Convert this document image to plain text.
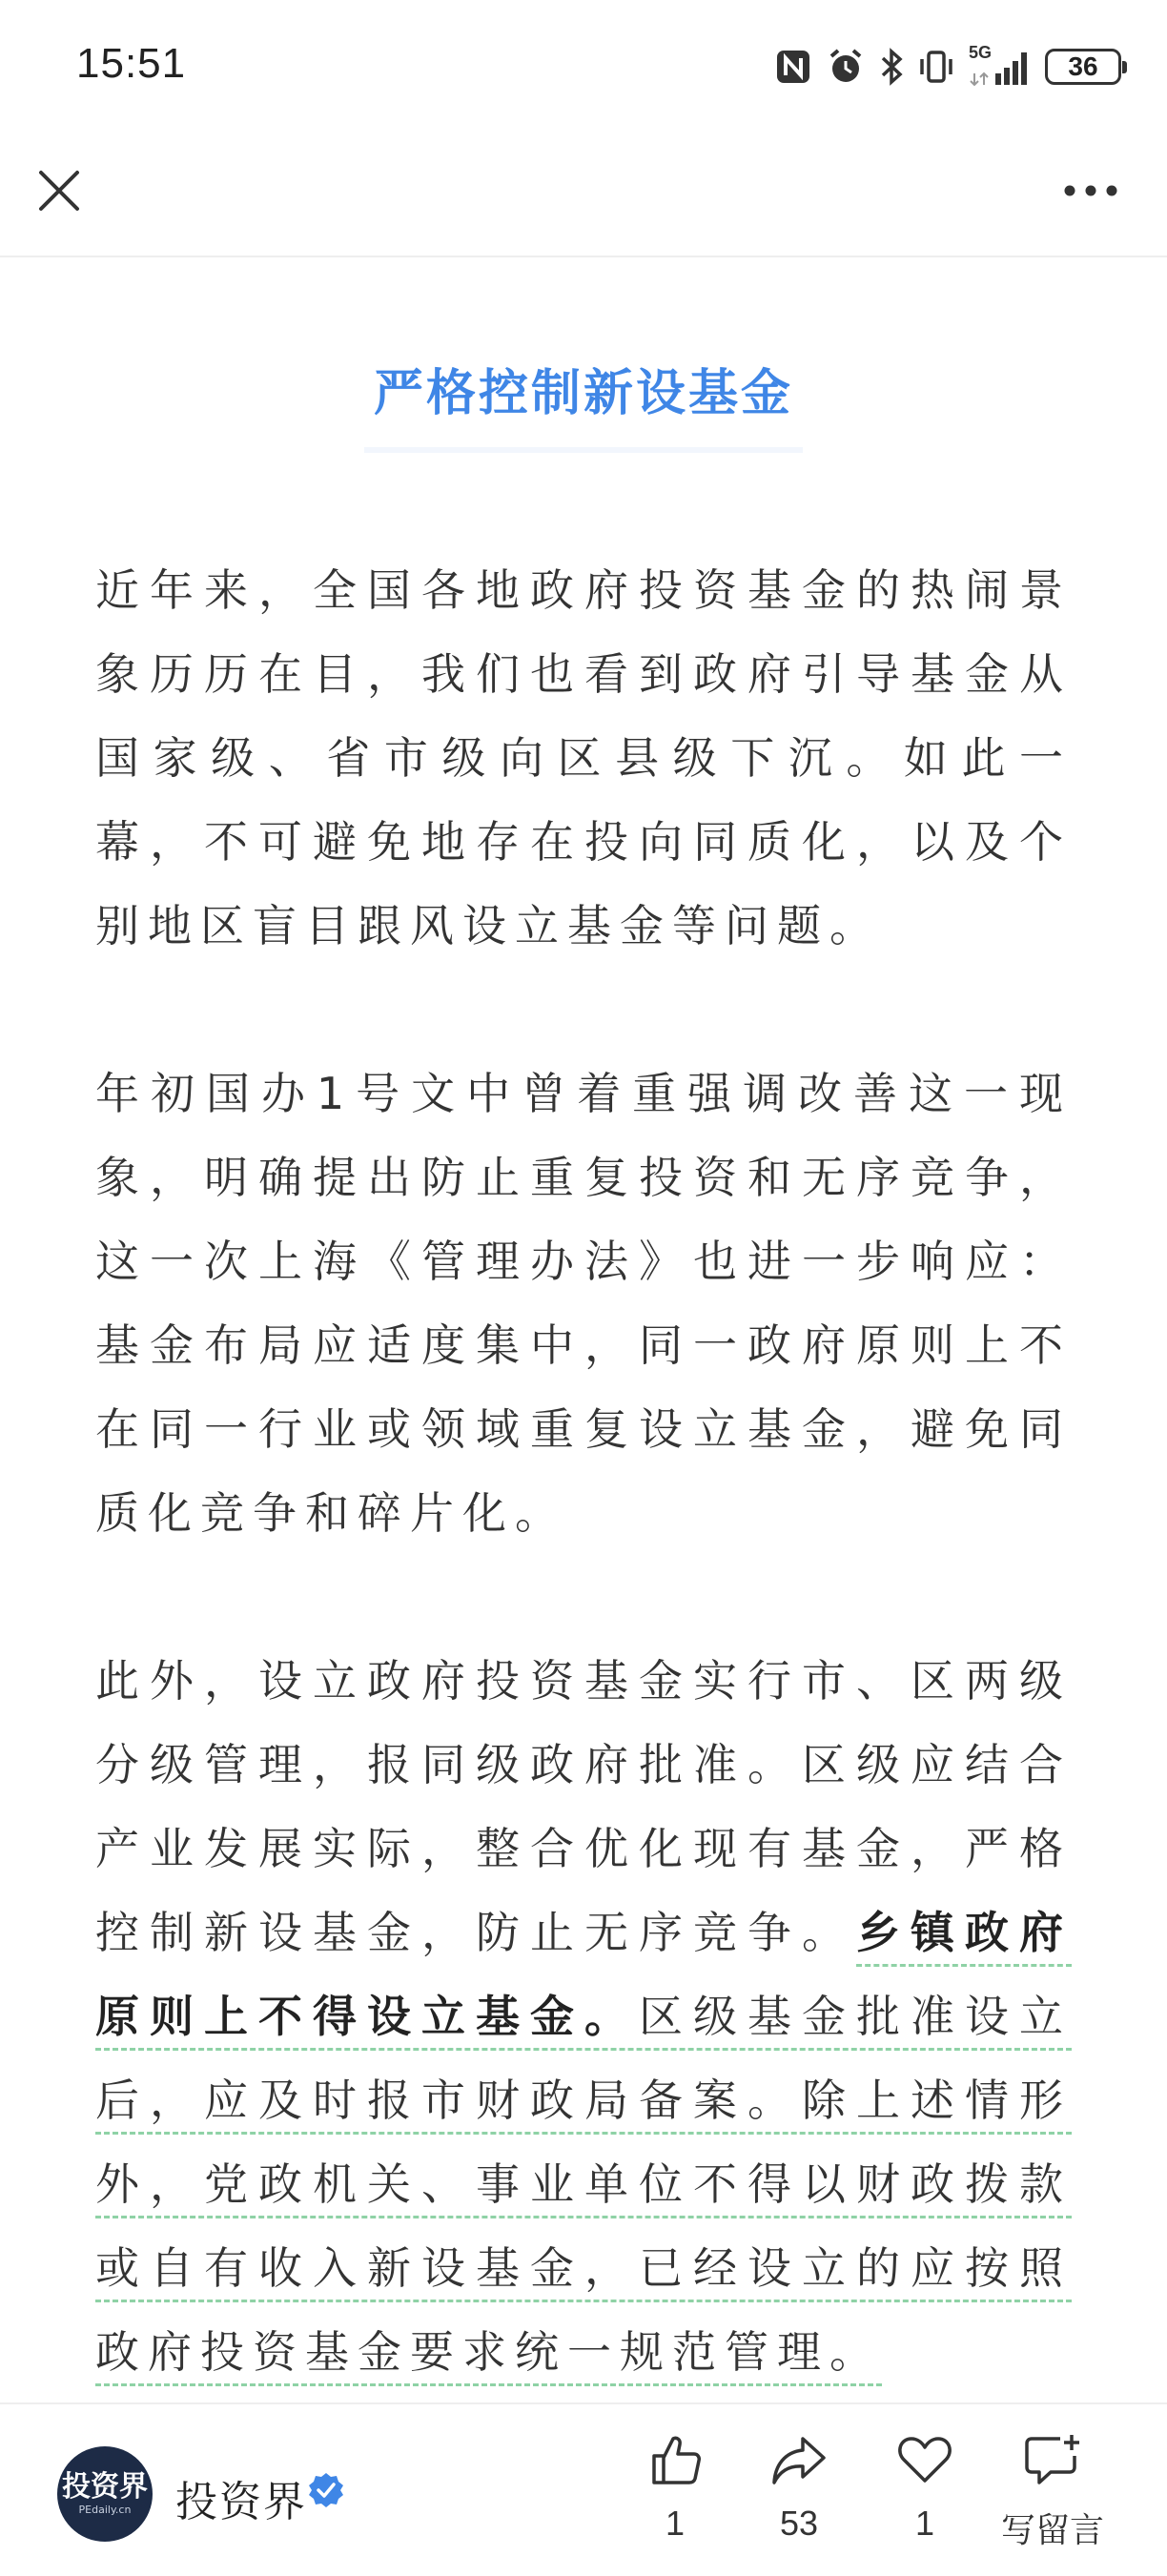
15:51	5G	36
严格控制新设基金

近年来，全国各地政府投资基金的热闹景象历历在目，我们也看到政府引导基金从国家级、省市级向区县级下沉。如此一幕，不可避免地存在投向同质化，以及个别地区盲目跟风设立基金等问题。

年初国办1号文中曾着重强调改善这一现象，明确提出防止重复投资和无序竞争，这一次上海《管理办法》也进一步响应：基金布局应适度集中，同一政府原则上不在同一行业或领域重复设立基金，避免同质化竞争和碎片化。

此外，设立政府投资基金实行市、区两级分级管理，报同级政府批准。区级应结合产业发展实际，整合优化现有基金，严格控制新设基金，防止无序竞争。乡镇政府原则上不得设立基金。区级基金批准设立后，应及时报市财政局备案。除上述情形外，党政机关、事业单位不得以财政拨款或自有收入新设基金，已经设立的应按照政府投资基金要求统一规范管理。

投资界
PEdaily.cn 投资界	1	53	1 写留言
